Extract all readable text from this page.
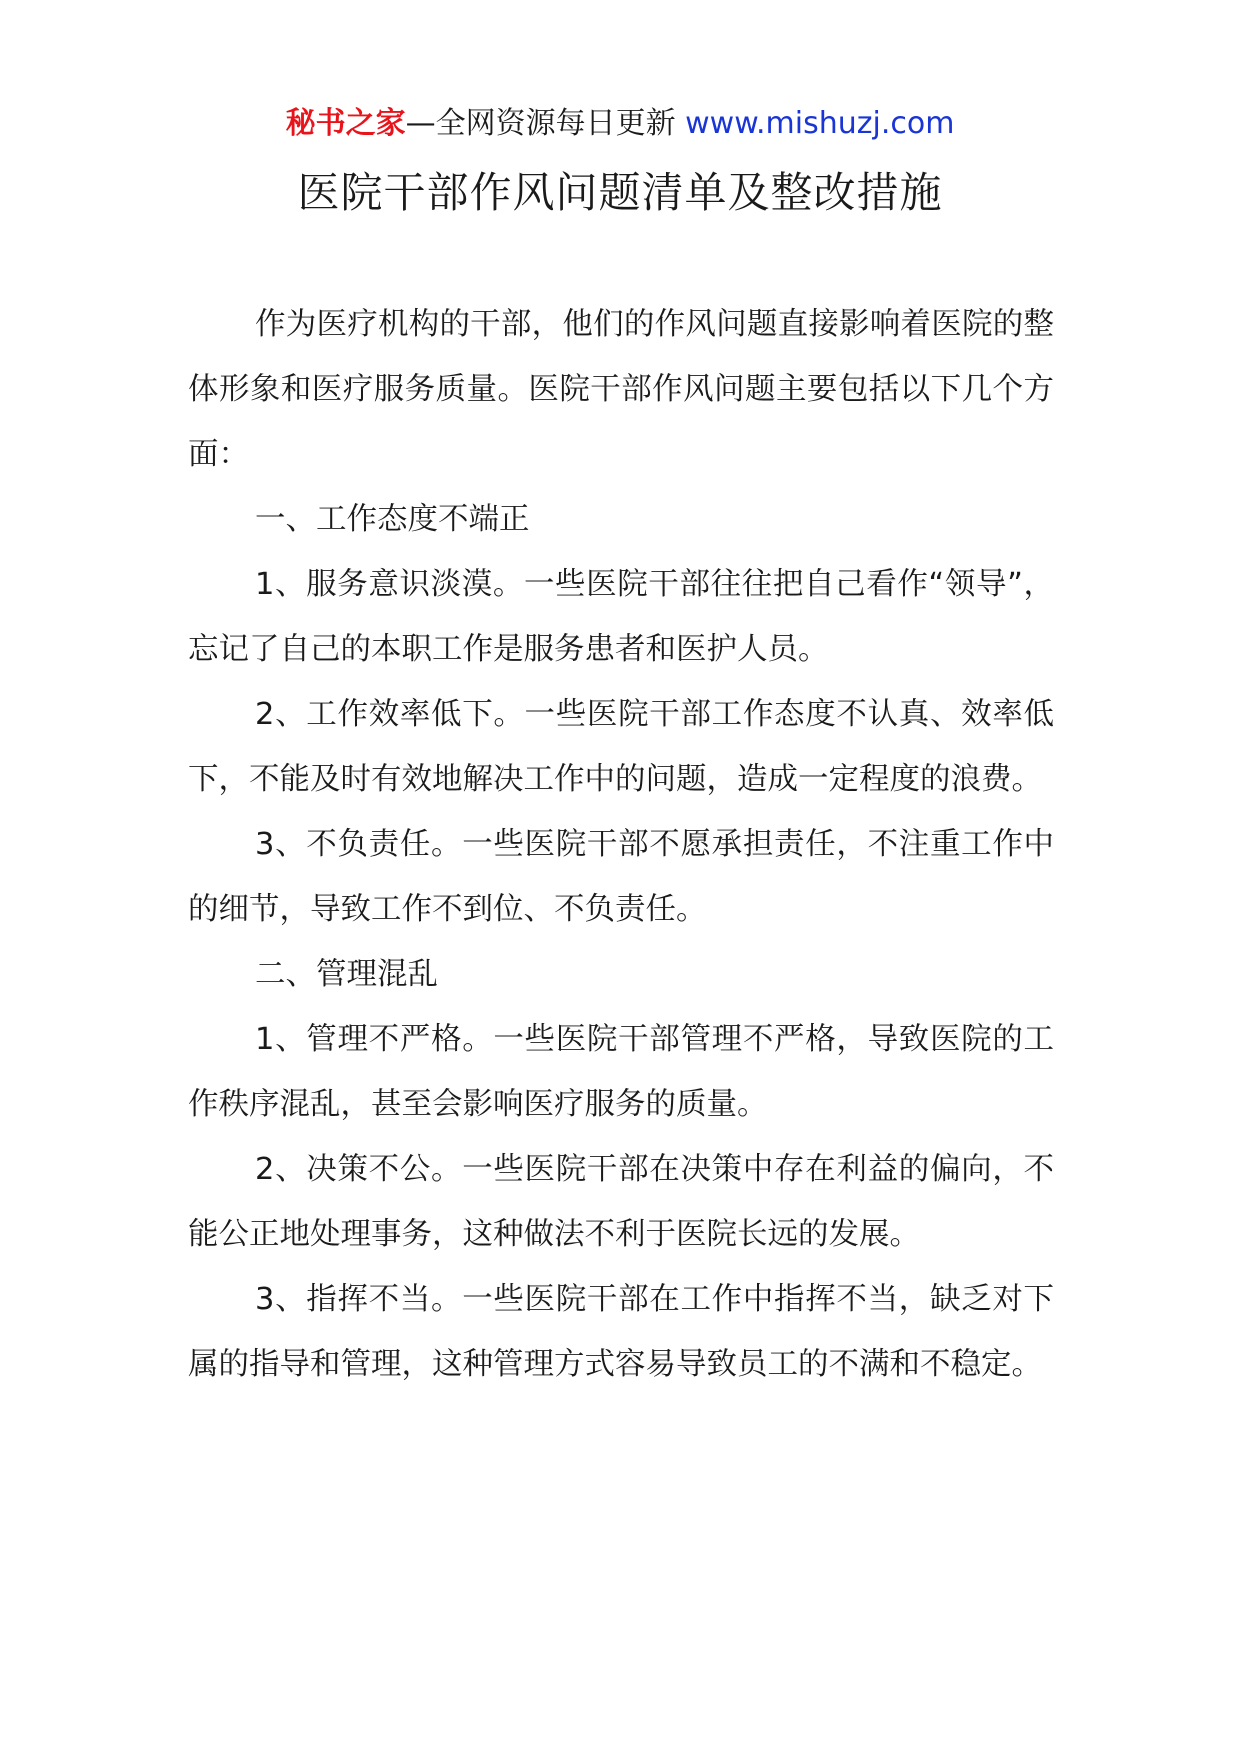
秘书之家—全网资源每日更新 www.mishuzj.com
医院干部作风问题清单及整改措施

作为医疗机构的干部，他们的作风问题直接影响着医院的整体形象和医疗服务质量。医院干部作风问题主要包括以下几个方面：

一、工作态度不端正

1、服务意识淡漠。一些医院干部往往把自己看作“领导”，忘记了自己的本职工作是服务患者和医护人员。

2、工作效率低下。一些医院干部工作态度不认真、效率低下，不能及时有效地解决工作中的问题，造成一定程度的浪费。

3、不负责任。一些医院干部不愿承担责任，不注重工作中的细节，导致工作不到位、不负责任。

二、管理混乱

1、管理不严格。一些医院干部管理不严格，导致医院的工作秩序混乱，甚至会影响医疗服务的质量。

2、决策不公。一些医院干部在决策中存在利益的偏向，不能公正地处理事务，这种做法不利于医院长远的发展。

3、指挥不当。一些医院干部在工作中指挥不当，缺乏对下属的指导和管理，这种管理方式容易导致员工的不满和不稳定。
